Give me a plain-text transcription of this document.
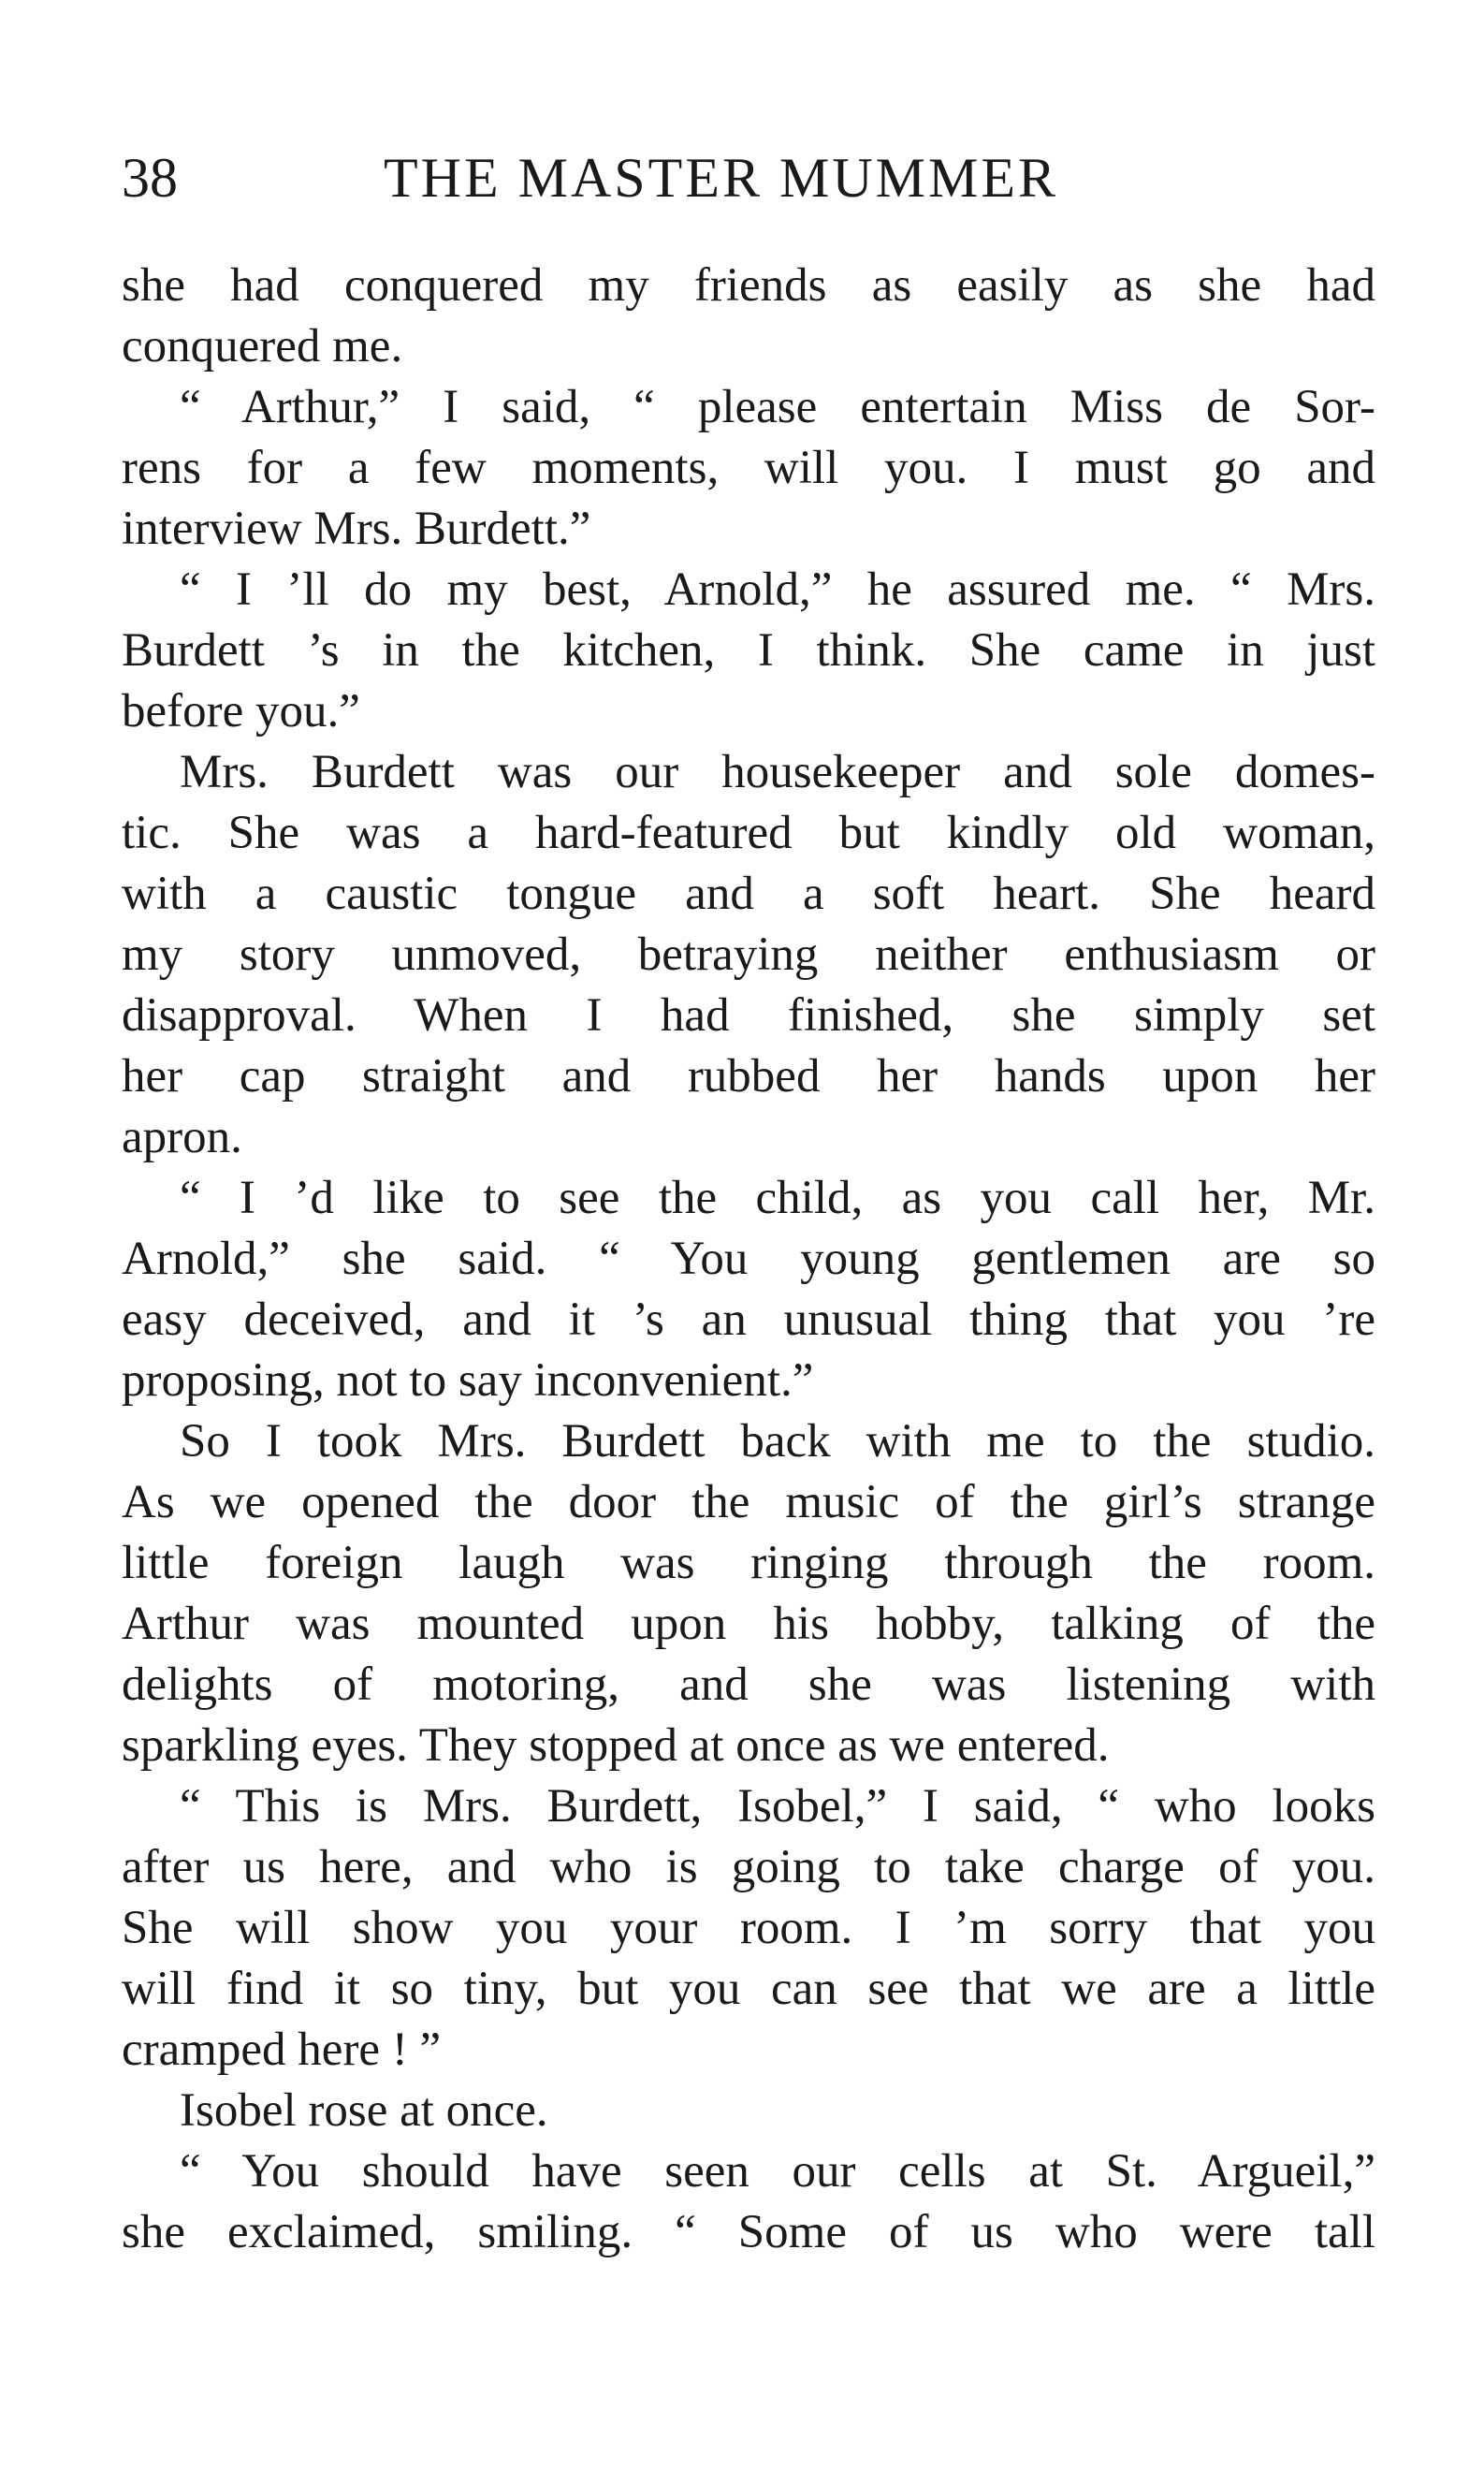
38	THE MASTER MUMMER
she had conquered my friends as easily as she had
conquered me.
“ Arthur,” I said, “ please entertain Miss de Sor-
rens for a few moments, will you. I must go and
interview Mrs. Burdett.”
“ I ’ll do my best, Arnold,” he assured me. “ Mrs.
Burdett ’s in the kitchen, I think. She came in just
before you.”
Mrs. Burdett was our housekeeper and sole domes-
tic. She was a hard-featured but kindly old woman,
with a caustic tongue and a soft heart. She heard
my story unmoved, betraying neither enthusiasm or
disapproval. When I had finished, she simply set
her cap straight and rubbed her hands upon her
apron.
“ I ’d like to see the child, as you call her, Mr.
Arnold,” she said. “ You young gentlemen are so
easy deceived, and it ’s an unusual thing that you ’re
proposing, not to say inconvenient.”
So I took Mrs. Burdett back with me to the studio.
As we opened the door the music of the girl’s strange
little foreign laugh was ringing through the room.
Arthur was mounted upon his hobby, talking of the
delights of motoring, and she was listening with
sparkling eyes. They stopped at once as we entered.
“ This is Mrs. Burdett, Isobel,” I said, “ who looks
after us here, and who is going to take charge of you.
She will show you your room. I ’m sorry that you
will find it so tiny, but you can see that we are a little
cramped here ! ”
Isobel rose at once.
“ You should have seen our cells at St. Argueil,”
she exclaimed, smiling. “ Some of us who were tall
